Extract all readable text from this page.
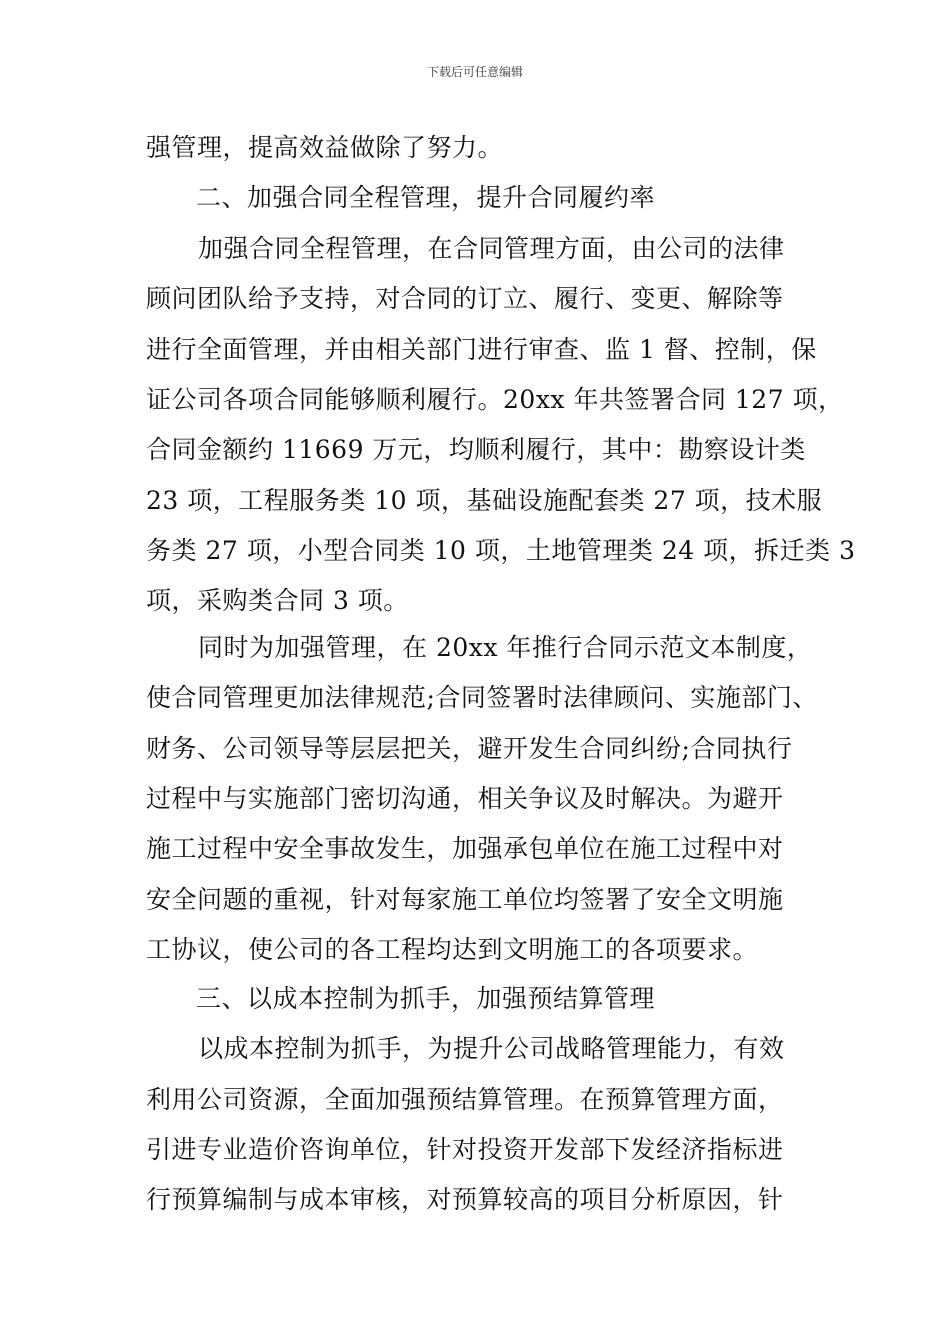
下载后可任意编辑
强管理，提高效益做除了努力。
二、加强合同全程管理，提升合同履约率
加强合同全程管理，在合同管理方面，由公司的法律
顾问团队给予支持，对合同的订立、履行、变更、解除等
进行全面管理，并由相关部门进行审查、监 1 督、控制，保
证公司各项合同能够顺利履行。20xx 年共签署合同 127 项，
合同金额约 11669 万元，均顺利履行，其中：勘察设计类
23 项，工程服务类 10 项，基础设施配套类 27 项，技术服
务类 27 项，小型合同类 10 项，土地管理类 24 项，拆迁类 3
项，采购类合同 3 项。
同时为加强管理，在 20xx 年推行合同示范文本制度，
使合同管理更加法律规范;合同签署时法律顾问、实施部门、
财务、公司领导等层层把关，避开发生合同纠纷;合同执行
过程中与实施部门密切沟通，相关争议及时解决。为避开
施工过程中安全事故发生，加强承包单位在施工过程中对
安全问题的重视，针对每家施工单位均签署了安全文明施
工协议，使公司的各工程均达到文明施工的各项要求。
三、以成本控制为抓手，加强预结算管理
以成本控制为抓手，为提升公司战略管理能力，有效
利用公司资源，全面加强预结算管理。在预算管理方面，
引进专业造价咨询单位，针对投资开发部下发经济指标进
行预算编制与成本审核，对预算较高的项目分析原因，针
